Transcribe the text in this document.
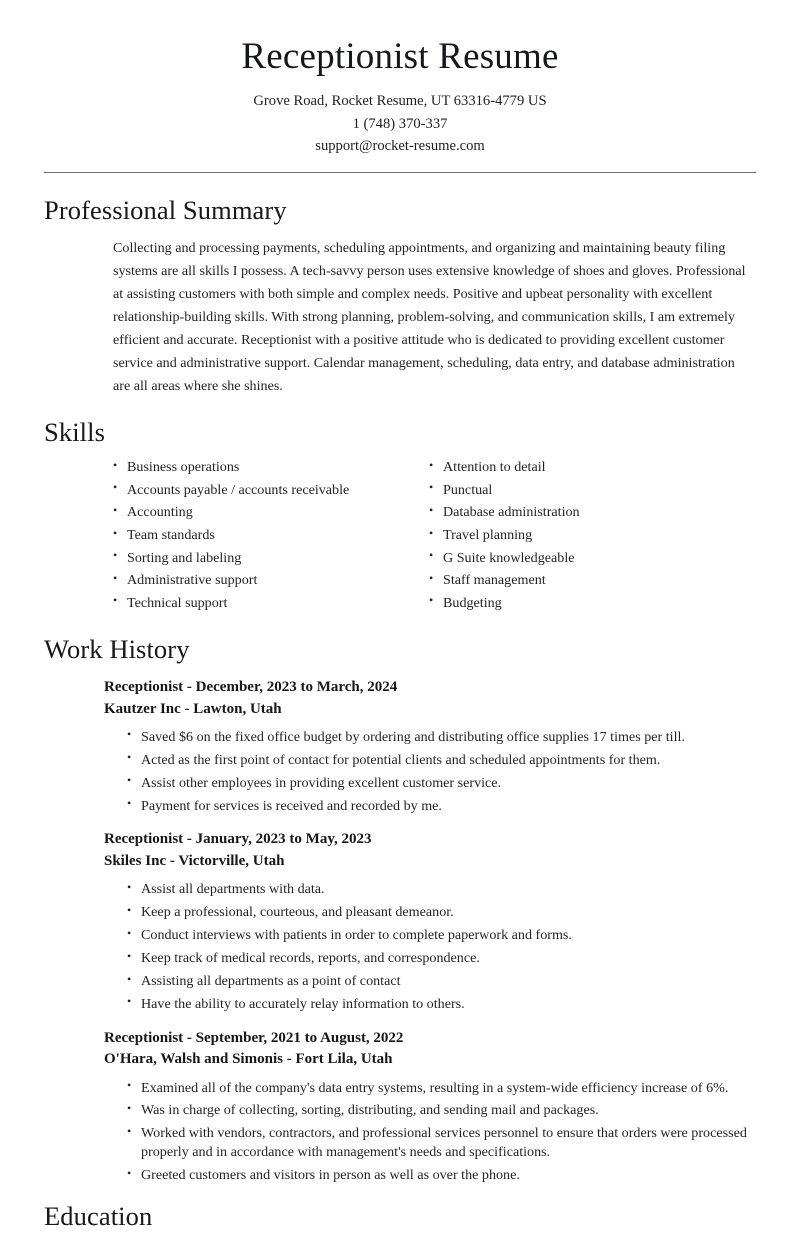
Receptionist Resume
Grove Road, Rocket Resume, UT 63316-4779 US
1 (748) 370-337
support@rocket-resume.com
Professional Summary

Collecting and processing payments, scheduling appointments, and organizing and maintaining beauty filing systems are all skills I possess. A tech-savvy person uses extensive knowledge of shoes and gloves. Professional at assisting customers with both simple and complex needs. Positive and upbeat personality with excellent relationship-building skills. With strong planning, problem-solving, and communication skills, I am extremely efficient and accurate. Receptionist with a positive attitude who is dedicated to providing excellent customer service and administrative support. Calendar management, scheduling, data entry, and database administration are all areas where she shines.

Skills
• Business operations
• Accounts payable / accounts receivable
• Accounting
• Team standards
• Sorting and labeling
• Administrative support
• Technical support
• Attention to detail
• Punctual
• Database administration
• Travel planning
• G Suite knowledgeable
• Staff management
• Budgeting
Work History
Receptionist - December, 2023 to March, 2024
Kautzer Inc - Lawton, Utah
• Saved $6 on the fixed office budget by ordering and distributing office supplies 17 times per till.
• Acted as the first point of contact for potential clients and scheduled appointments for them.
• Assist other employees in providing excellent customer service.
• Payment for services is received and recorded by me.
Receptionist - January, 2023 to May, 2023
Skiles Inc - Victorville, Utah
• Assist all departments with data.
• Keep a professional, courteous, and pleasant demeanor.
• Conduct interviews with patients in order to complete paperwork and forms.
• Keep track of medical records, reports, and correspondence.
• Assisting all departments as a point of contact
• Have the ability to accurately relay information to others.
Receptionist - September, 2021 to August, 2022
O'Hara, Walsh and Simonis - Fort Lila, Utah
• Examined all of the company's data entry systems, resulting in a system-wide efficiency increase of 6%.
• Was in charge of collecting, sorting, distributing, and sending mail and packages.
• Worked with vendors, contractors, and professional services personnel to ensure that orders were processed properly and in accordance with management's needs and specifications.
• Greeted customers and visitors in person as well as over the phone.
Education
